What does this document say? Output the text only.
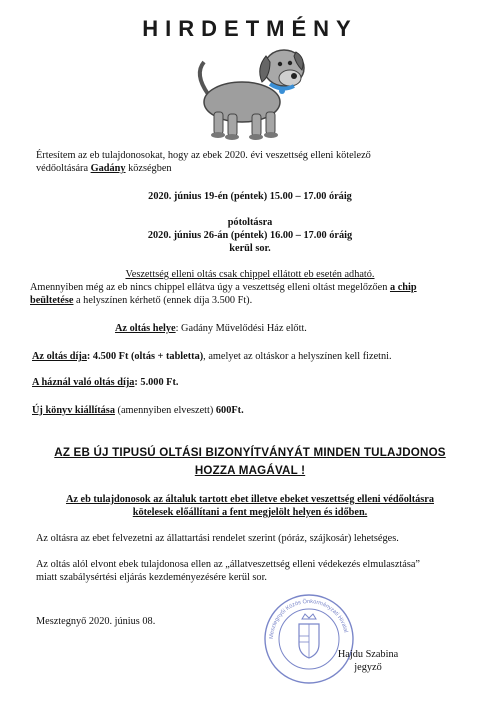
HIRDETMÉNY
Értesítem az eb tulajdonosokat, hogy az ebek 2020. évi veszettség elleni kötelező
védőoltására Gadány községben
2020. június 19-én (péntek) 15.00 – 17.00 óráig
pótoltásra
2020. június 26-án (péntek) 16.00 – 17.00 óráig
kerül sor.
Veszettség elleni oltás csak chippel ellátott eb esetén adható.
Amennyiben még az eb nincs chippel ellátva úgy a veszettség elleni oltást megelőzően a chip
beültetése a helyszínen kérhető (ennek díja 3.500 Ft).
Az oltás helye: Gadány Művelődési Ház előtt.
Az oltás díja: 4.500 Ft (oltás + tabletta), amelyet az oltáskor a helyszínen kell fizetni.
A háznál való oltás díja: 5.000 Ft.
Új könyv kiállítása (amennyiben elveszett) 600Ft.
AZ EB ÚJ TIPUSÚ OLTÁSI BIZONYÍTVÁNYÁT MINDEN TULAJDONOS
HOZZA MAGÁVAL !
Az eb tulajdonosok az általuk tartott ebet illetve ebeket veszettség elleni védőoltásra
kötelesek előállítani a fent megjelölt helyen és időben.
Az oltásra az ebet felvezetni az állattartási rendelet szerint (póráz, szájkosár) lehetséges.
Az oltás alól elvont ebek tulajdonosa ellen az „állatveszettség elleni védekezés elmulasztása”
miatt szabálysértési eljárás kezdeményezésére kerül sor.
Mesztegnyő 2020. június 08.
Mesztegnyői Közös Önkormányzati Hivatal
Hajdu Szabina
jegyző
